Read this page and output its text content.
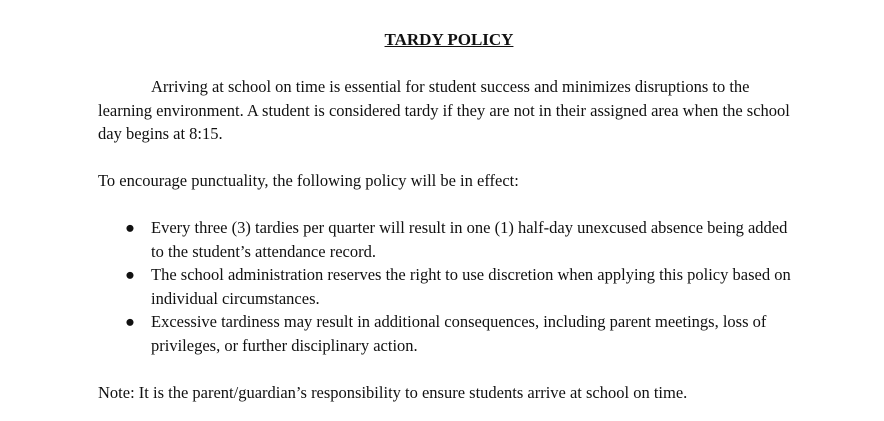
TARDY POLICY

Arriving at school on time is essential for student success and minimizes disruptions to the learning environment. A student is considered tardy if they are not in their assigned area when the school day begins at 8:15.

To encourage punctuality, the following policy will be in effect:

● Every three (3) tardies per quarter will result in one (1) half-day unexcused absence being added to the student’s attendance record.
● The school administration reserves the right to use discretion when applying this policy based on individual circumstances.
● Excessive tardiness may result in additional consequences, including parent meetings, loss of privileges, or further disciplinary action.

Note: It is the parent/guardian’s responsibility to ensure students arrive at school on time.
